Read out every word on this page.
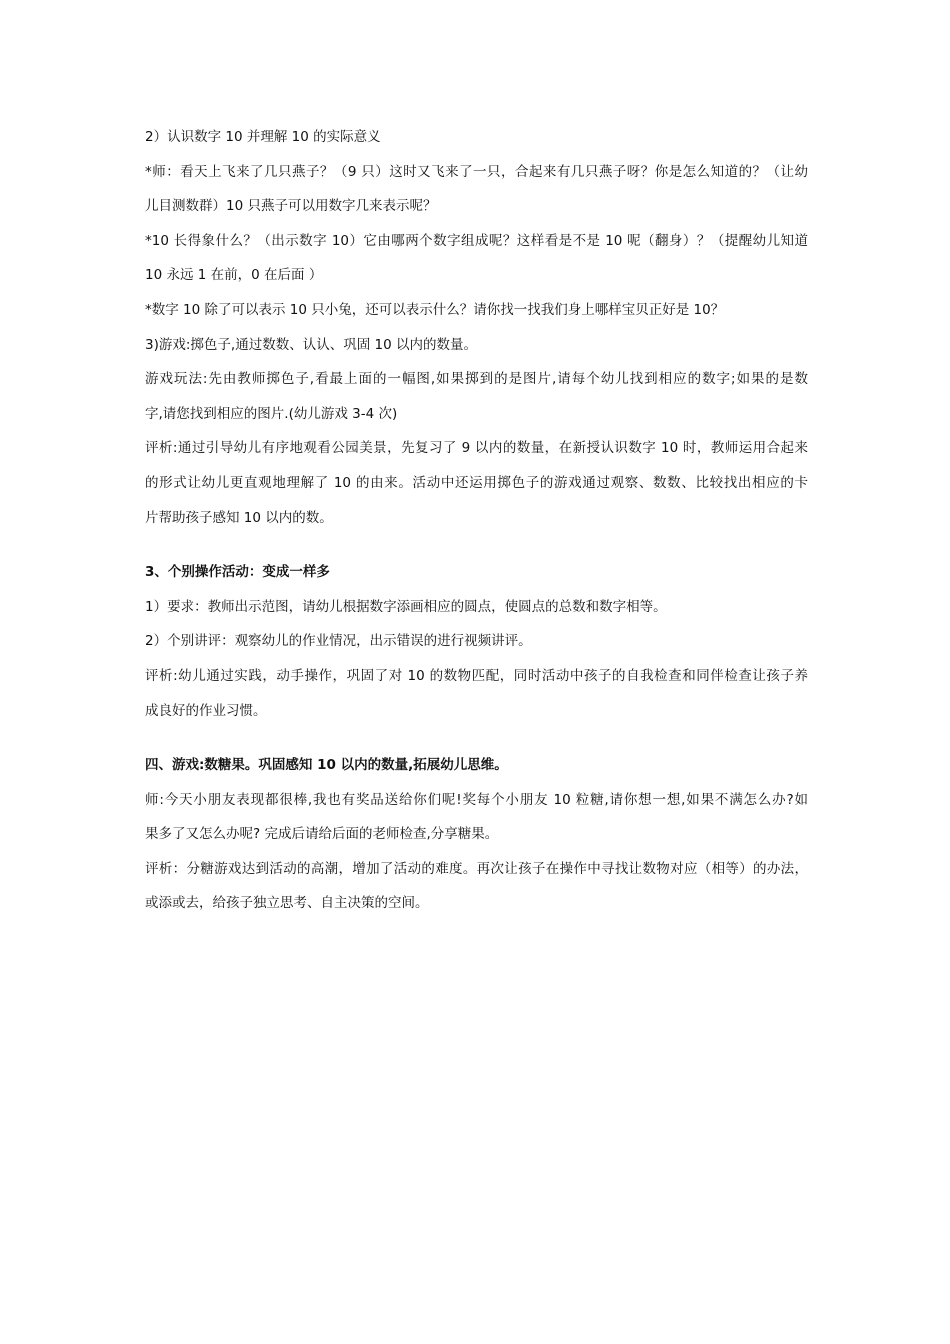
2）认识数字 10 并理解 10 的实际意义
*师：看天上飞来了几只燕子？（9 只）这时又飞来了一只，合起来有几只燕子呀？你是怎么知道的？（让幼
儿目测数群）10 只燕子可以用数字几来表示呢？
*10 长得象什么？（出示数字 10）它由哪两个数字组成呢？这样看是不是 10 呢（翻身）？（提醒幼儿知道
10 永远 1 在前，0 在后面 ）
*数字 10 除了可以表示 10 只小兔，还可以表示什么？请你找一找我们身上哪样宝贝正好是 10？
3)游戏:掷色子,通过数数、认认、巩固 10 以内的数量。
游戏玩法:先由教师掷色子,看最上面的一幅图,如果掷到的是图片,请每个幼儿找到相应的数字;如果的是数
字,请您找到相应的图片.(幼儿游戏 3-4 次)
评析:通过引导幼儿有序地观看公园美景，先复习了 9 以内的数量，在新授认识数字 10 时，教师运用合起来
的形式让幼儿更直观地理解了 10 的由来。活动中还运用掷色子的游戏通过观察、数数、比较找出相应的卡
片帮助孩子感知 10 以内的数。
3、个别操作活动：变成一样多
1）要求：教师出示范图，请幼儿根据数字添画相应的圆点，使圆点的总数和数字相等。
2）个别讲评：观察幼儿的作业情况，出示错误的进行视频讲评。
评析:幼儿通过实践，动手操作，巩固了对 10 的数物匹配，同时活动中孩子的自我检查和同伴检查让孩子养
成良好的作业习惯。
四、游戏:数糖果。巩固感知 10 以内的数量,拓展幼儿思维。
师:今天小朋友表现都很棒,我也有奖品送给你们呢!奖每个小朋友 10 粒糖,请你想一想,如果不满怎么办?如
果多了又怎么办呢? 完成后请给后面的老师检查,分享糖果。
评析：分糖游戏达到活动的高潮，增加了活动的难度。再次让孩子在操作中寻找让数物对应（相等）的办法，
或添或去，给孩子独立思考、自主决策的空间。
